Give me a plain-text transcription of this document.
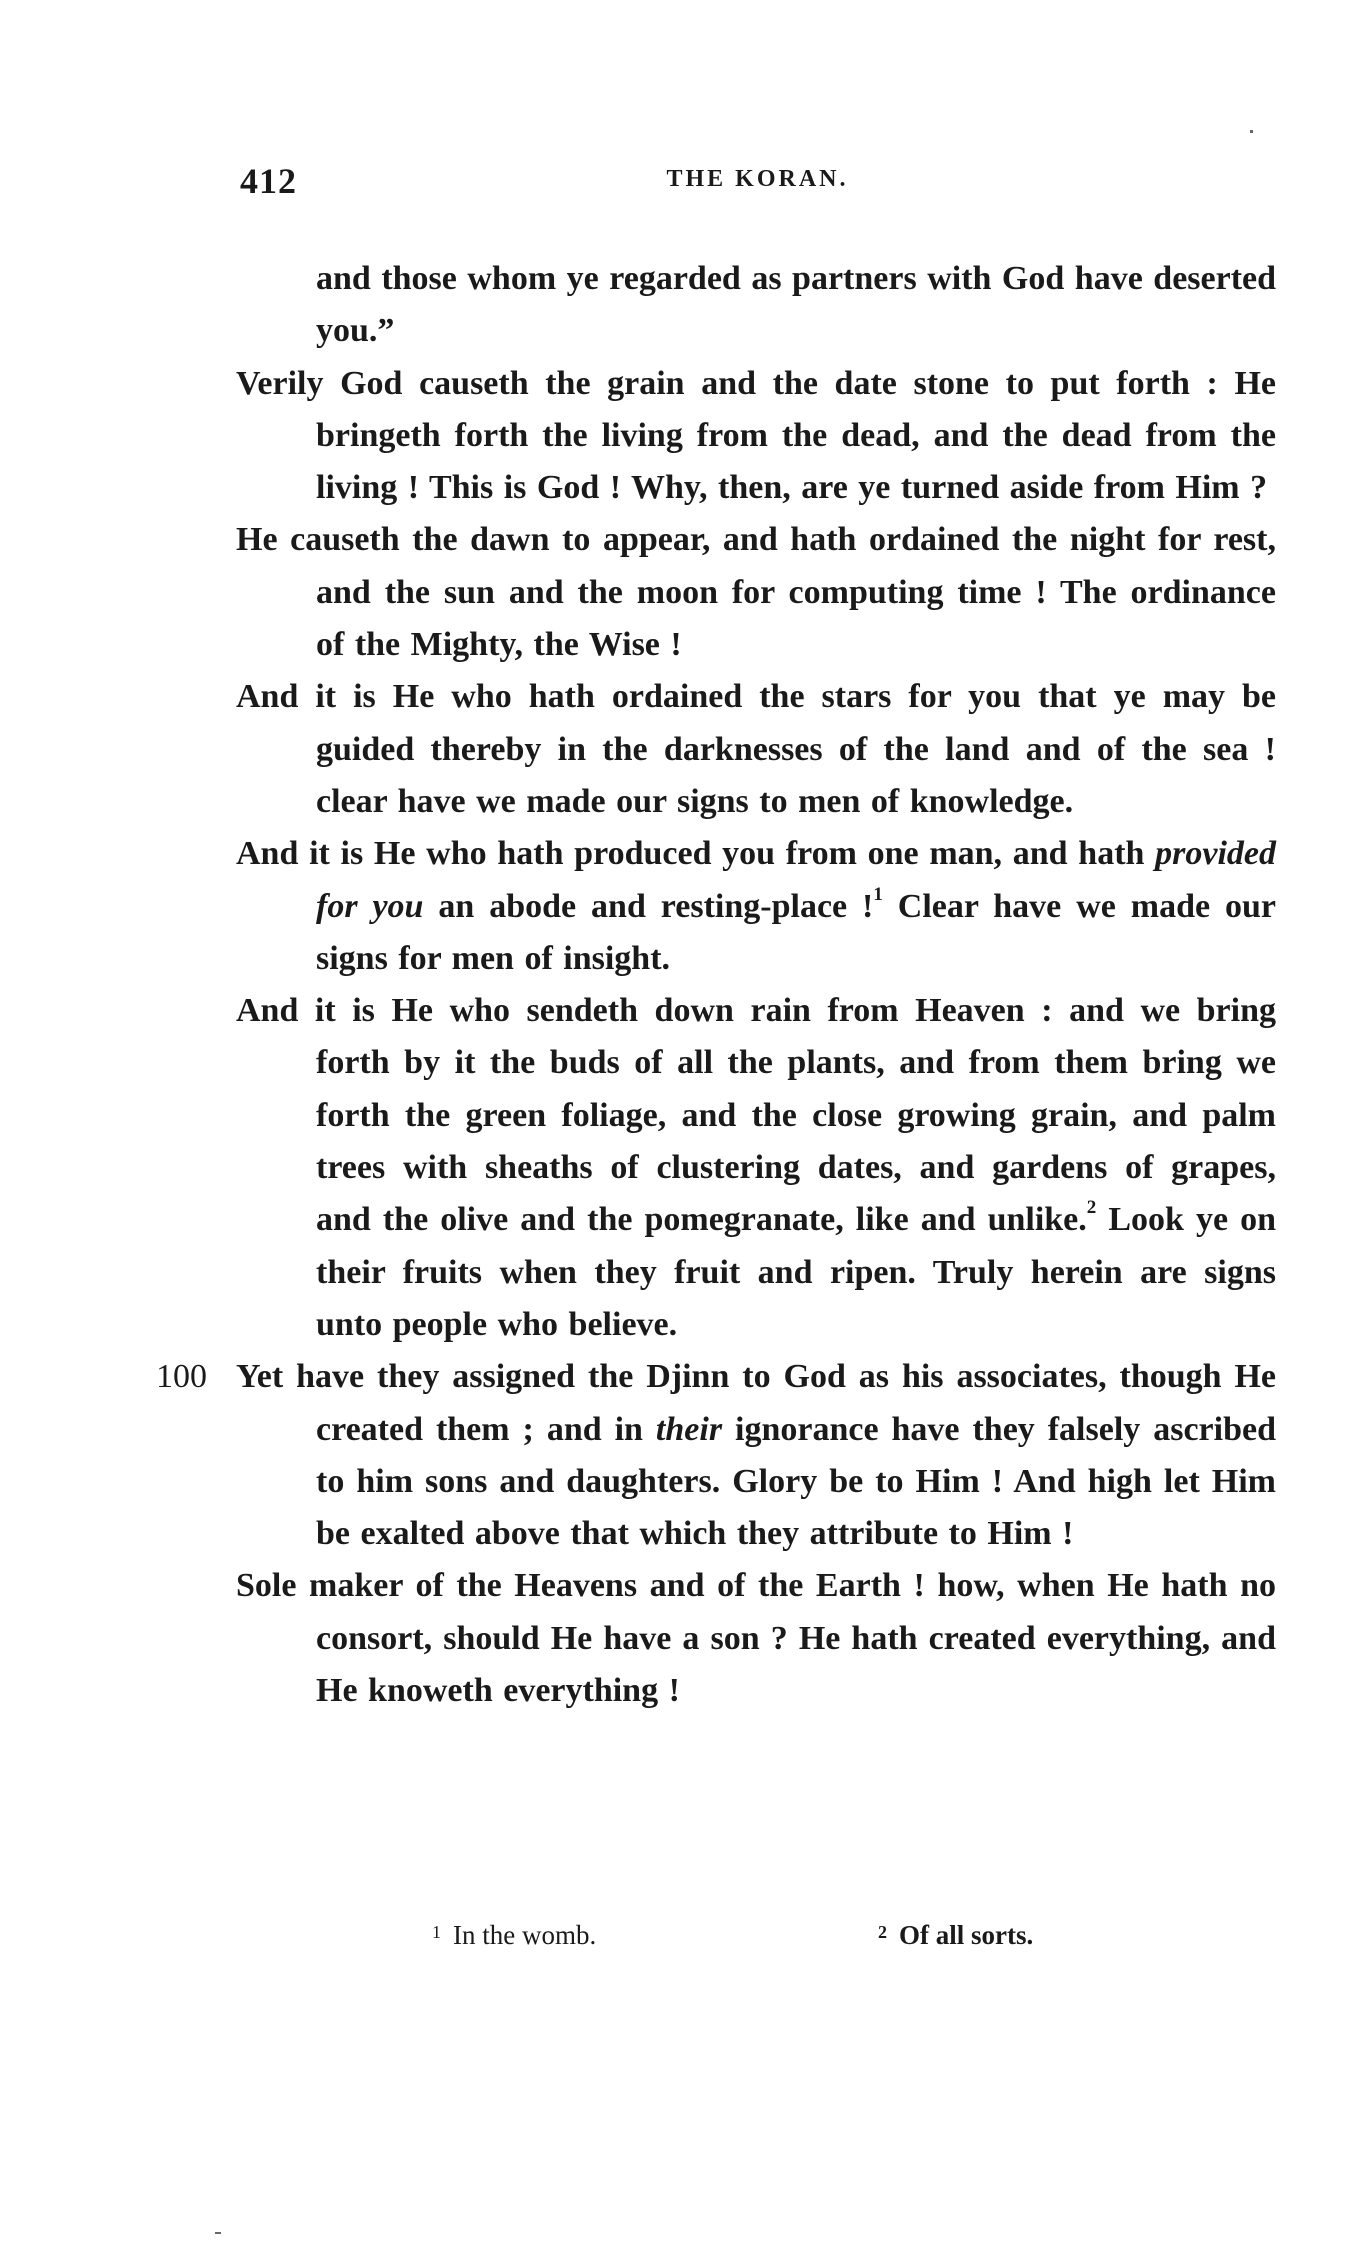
412	THE KORAN.

and those whom ye regarded as partners with God have deserted you.”

Verily God causeth the grain and the date stone to put forth : He bringeth forth the living from the dead, and the dead from the living ! This is God ! Why, then, are ye turned aside from Him ?

He causeth the dawn to appear, and hath ordained the night for rest, and the sun and the moon for computing time ! The ordinance of the Mighty, the Wise !

And it is He who hath ordained the stars for you that ye may be guided thereby in the darknesses of the land and of the sea ! clear have we made our signs to men of knowledge.

And it is He who hath produced you from one man, and hath provided for you an abode and resting-place !$^1$ Clear have we made our signs for men of insight.

And it is He who sendeth down rain from Heaven : and we bring forth by it the buds of all the plants, and from them bring we forth the green foliage, and the close growing grain, and palm trees with sheaths of clustering dates, and gardens of grapes, and the olive and the pomegranate, like and unlike.$^2$ Look ye on their fruits when they fruit and ripen. Truly herein are signs unto people who believe.

100 Yet have they assigned the Djinn to God as his associates, though He created them ; and in their ignorance have they falsely ascribed to him sons and daughters. Glory be to Him ! And high let Him be exalted above that which they attribute to Him !

Sole maker of the Heavens and of the Earth ! how, when He hath no consort, should He have a son ? He hath created everything, and He knoweth everything !

$^1$ In the womb.	$^2$ Of all sorts.
